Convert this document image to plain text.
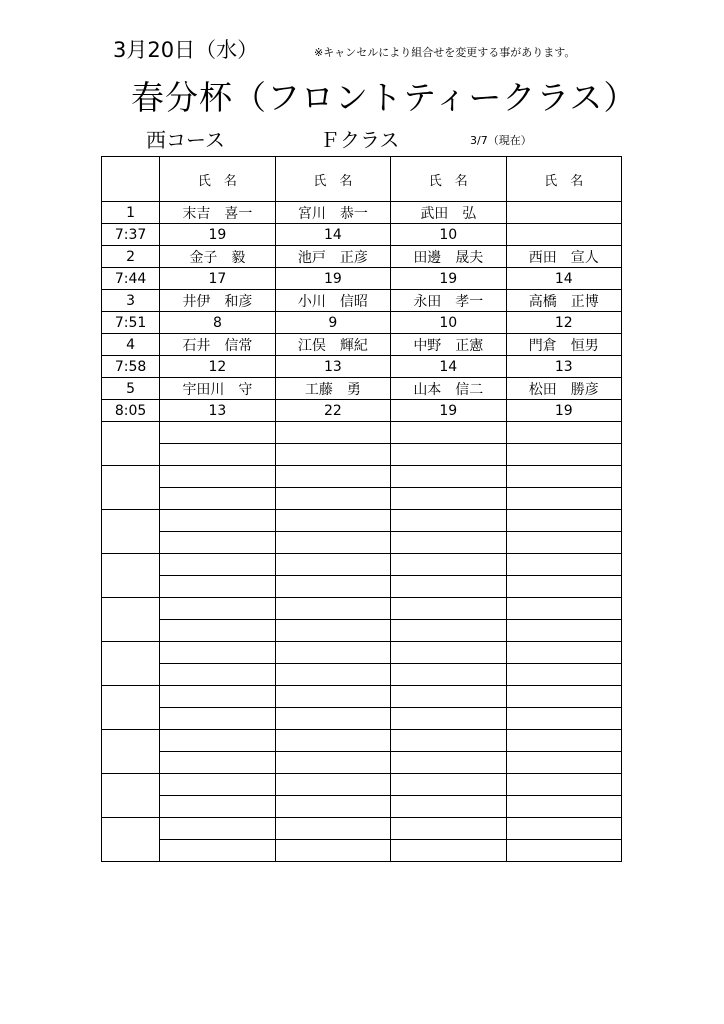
3月20日（水）	※キャンセルにより組合せを変更する事があります。
春分杯（フロントティークラス）
西コース	Ｆクラス	3/7（現在）
	氏　名	氏　名	氏　名	氏　名
1	末吉　喜一	宮川　恭一	武田　弘	
7:37	19	14	10	
2	金子　毅	池戸　正彦	田邊　晟夫	西田　宣人
7:44	17	19	19	14
3	井伊　和彦	小川　信昭	永田　孝一	高橋　正博
7:51	8	9	10	12
4	石井　信常	江俣　輝紀	中野　正憲	門倉　恒男
7:58	12	13	14	13
5	宇田川　守	工藤　勇	山本　信二	松田　勝彦
8:05	13	22	19	19
